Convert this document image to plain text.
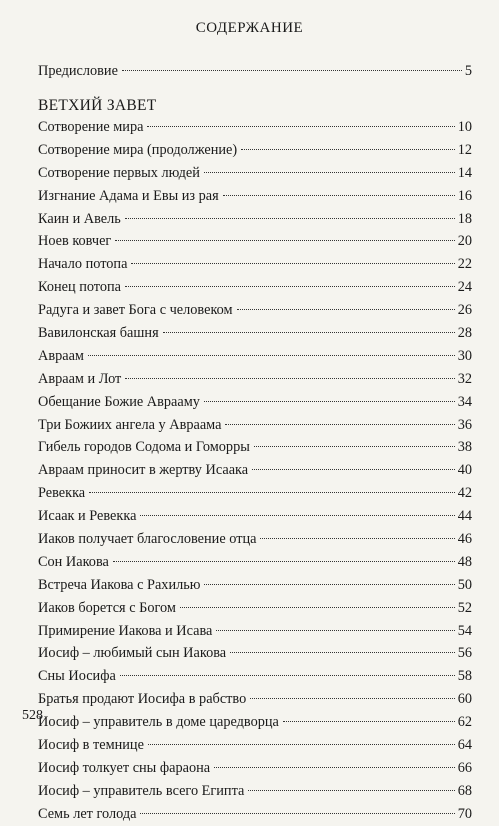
СОДЕРЖАНИЕ
Предисловие	5
ВЕТХИЙ ЗАВЕТ
Сотворение мира	10
Сотворение мира (продолжение)	12
Сотворение первых людей	14
Изгнание Адама и Евы из рая	16
Каин и Авель	18
Ноев ковчег	20
Начало потопа	22
Конец потопа	24
Радуга и завет Бога с человеком	26
Вавилонская башня	28
Авраам	30
Авраам и Лот	32
Обещание Божие Аврааму	34
Три Божиих ангела у Авраама	36
Гибель городов Содома и Гоморры	38
Авраам приносит в жертву Исаака	40
Ревекка	42
Исаак и Ревекка	44
Иаков получает благословение отца	46
Сон Иакова	48
Встреча Иакова с Рахилью	50
Иаков борется с Богом	52
Примирение Иакова и Исава	54
Иосиф – любимый сын Иакова	56
Сны Иосифа	58
Братья продают Иосифа в рабство	60
Иосиф – управитель в доме царедворца	62
Иосиф в темнице	64
Иосиф толкует сны фараона	66
Иосиф – управитель всего Египта	68
Семь лет голода	70
528
